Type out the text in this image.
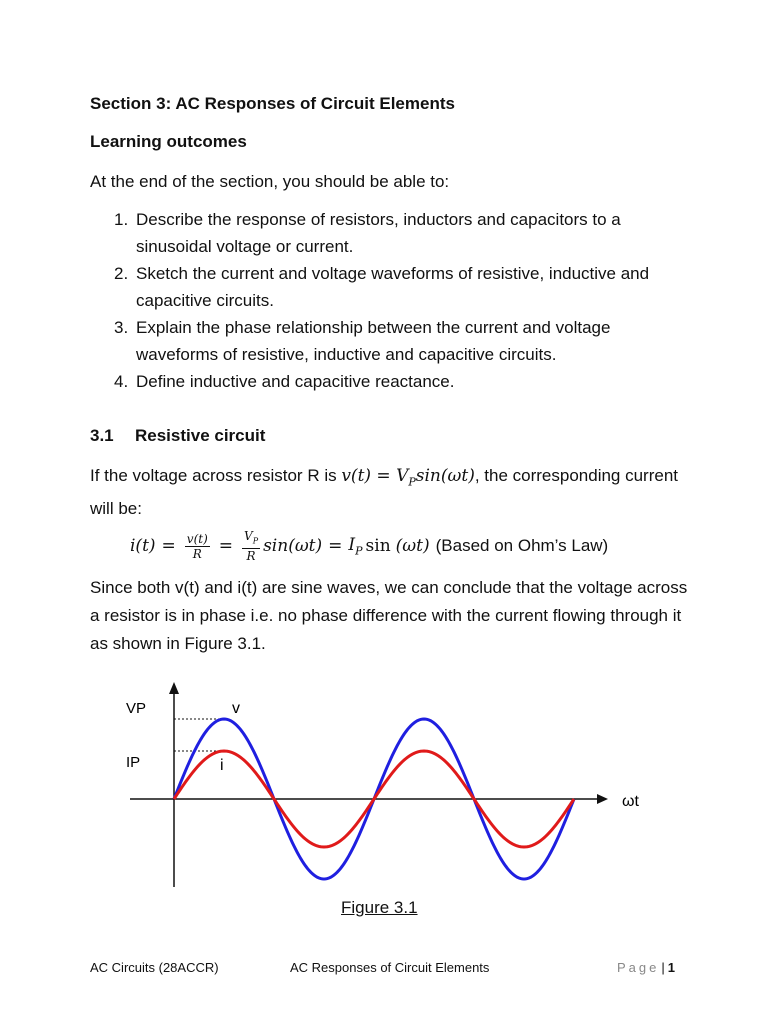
Section 3: AC Responses of Circuit Elements
Learning outcomes
At the end of the section, you should be able to:
1. Describe the response of resistors, inductors and capacitors to a sinusoidal voltage or current.
2. Sketch the current and voltage waveforms of resistive, inductive and capacitive circuits.
3. Explain the phase relationship between the current and voltage waveforms of resistive, inductive and capacitive circuits.
4. Define inductive and capacitive reactance.
3.1 Resistive circuit
If the voltage across resistor R is $v(t) = V_P\sin(\omega t)$, the corresponding current will be:
$i(t) = \frac{v(t)}{R} = \frac{V_P}{R} \sin(\omega t) = I_P$ sin (ωt) (Based on Ohm’s Law)
Since both v(t) and i(t) are sine waves, we can conclude that the voltage across a resistor is in phase i.e. no phase difference with the current flowing through it as shown in Figure 3.1.
VP
IP
v
i
ωt
Figure 3.1
AC Circuits (28ACCR)	AC Responses of Circuit Elements	Page | 1
